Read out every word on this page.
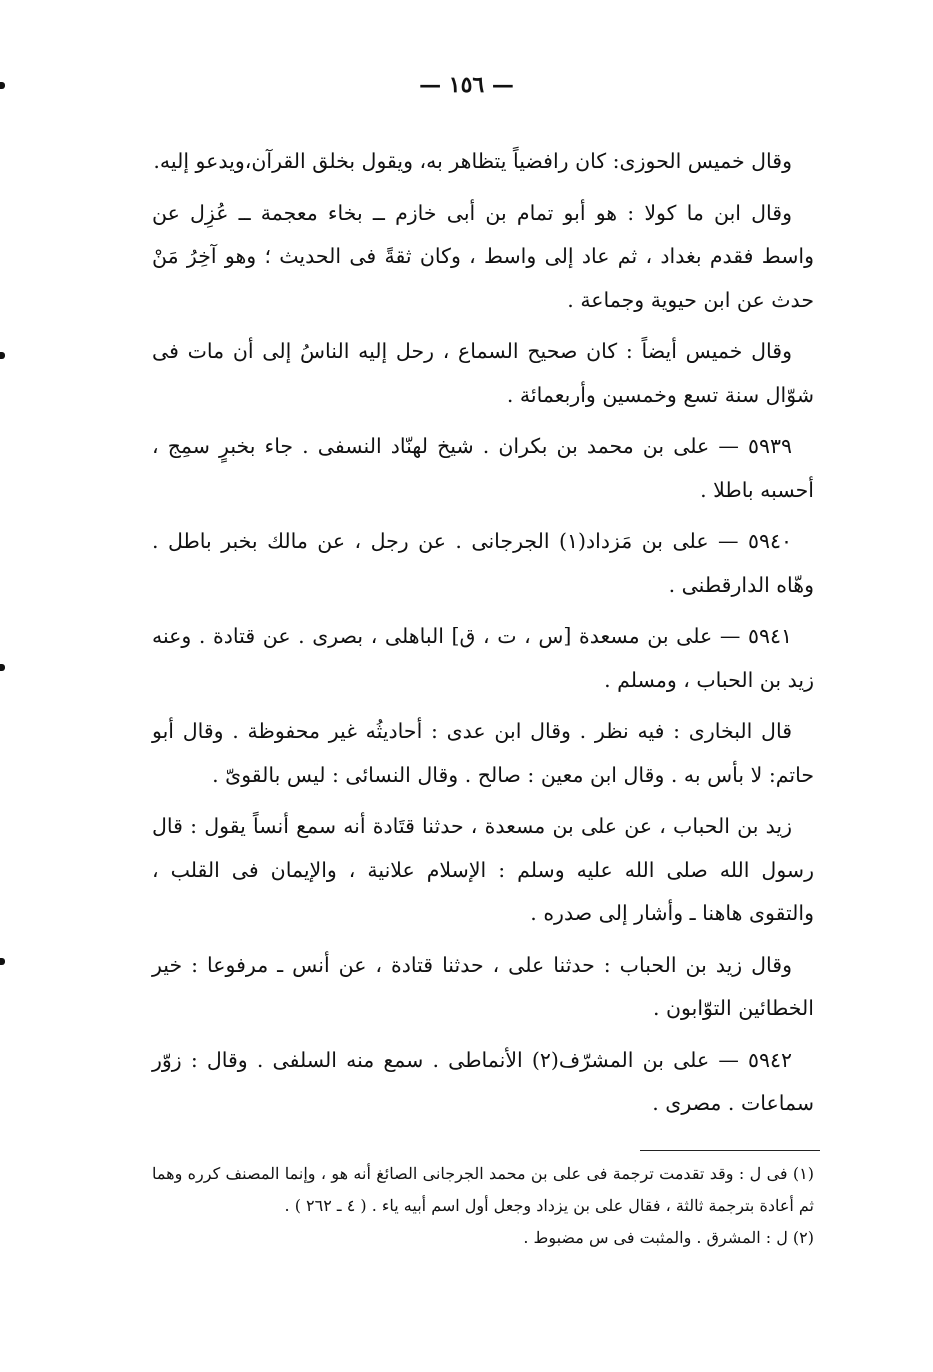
— ١٥٦ —

وقال خميس الحوزى: كان رافضياً يتظاهر به، ويقول بخلق القرآن،ويدعو إليه.

وقال ابن ما كولا : هو أبو تمام بن أبى خازم ــ بخاء معجمة ــ عُزِل عن واسط فقدم بغداد ، ثم عاد إلى واسط ، وكان ثقةً فى الحديث ؛ وهو آخِرُ مَنْ حدث عن ابن حيوية وجماعة .

وقال خميس أيضاً : كان صحيح السماع ، رحل إليه الناسُ إلى أن مات فى شوّال سنة تسع وخمسين وأربعمائة .

٥٩٣٩ — على بن محمد بن بكران . شيخ لهنّاد النسفى . جاء بخبرٍ سمِج ، أحسبه باطلا .

٥٩٤٠ — على بن مَزداد(١) الجرجانى . عن رجل ، عن مالك بخبر باطل . وهّاه الدارقطنى .

٥٩٤١ — على بن مسعدة [س ، ت ، ق] الباهلى ، بصرى . عن قتادة . وعنه زيد بن الحباب ، ومسلم .

قال البخارى : فيه نظر . وقال ابن عدى : أحاديثُه غير محفوظة . وقال أبو حاتم: لا بأس به . وقال ابن معين : صالح . وقال النسائى : ليس بالقوىّ .

زيد بن الحباب ، عن على بن مسعدة ، حدثنا قتَادة أنه سمع أنساً يقول : قال رسول الله صلى الله عليه وسلم : الإسلام علانية ، والإيمان فى القلب ، والتقوى هاهنا ـ وأشار إلى صدره .

وقال زيد بن الحباب : حدثنا على ، حدثنا قتادة ، عن أنس ـ مرفوعا : خير الخطائين التوّابون .

٥٩٤٢ — على بن المشرّف(٢) الأنماطى . سمع منه السلفى . وقال : زوّر سماعات . مصرى .

(١) فى ل : وقد تقدمت ترجمة فى على بن محمد الجرجانى الصائغ أنه هو ، وإنما المصنف كرره وهما ثم أعادة بترجمة ثالثة ، فقال على بن يزداد وجعل أول اسم أبيه ياء . ( ٤ ـ ٢٦٢ ) .

(٢) ل : المشرق . والمثبت فى س مضبوط .
